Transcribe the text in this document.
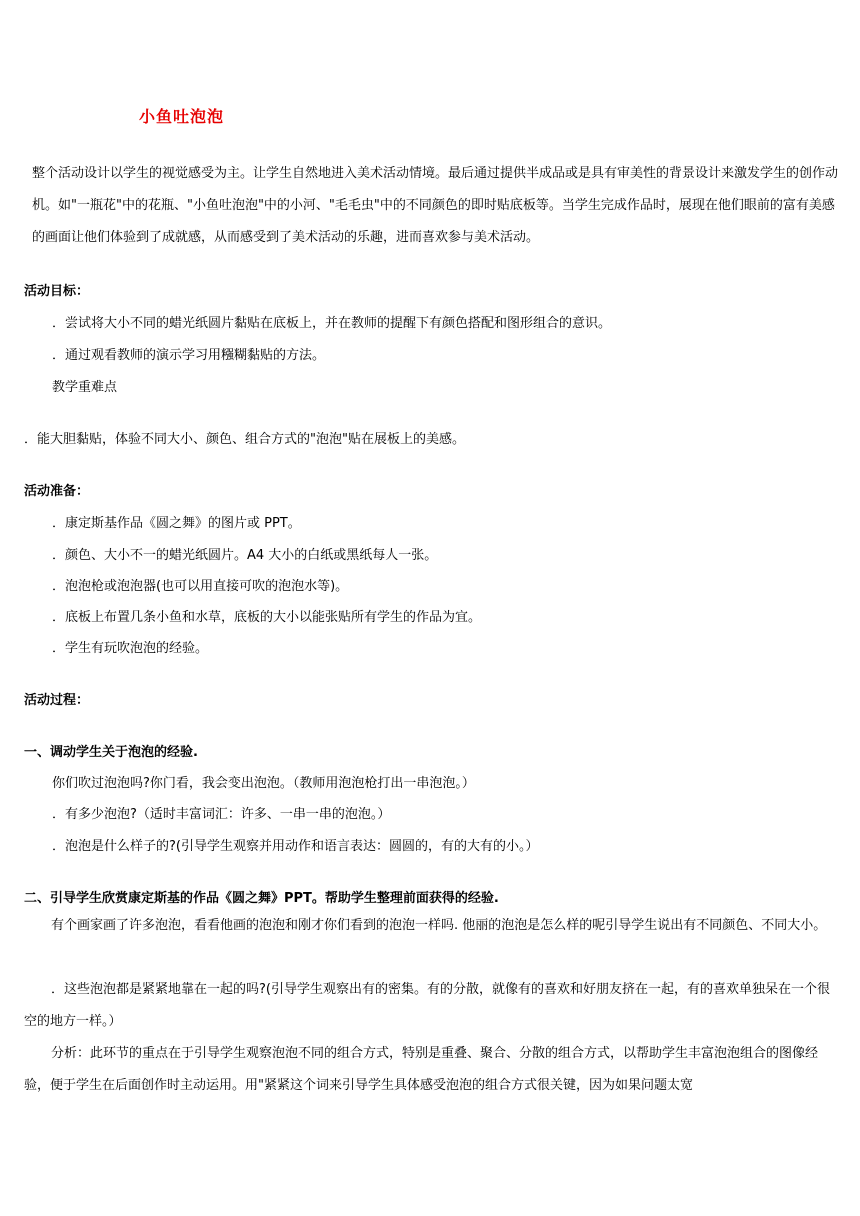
小鱼吐泡泡

整个活动设计以学生的视觉感受为主。让学生自然地进入美术活动情境。最后通过提供半成品或是具有审美性的背景设计来激发学生的创作动机。如"一瓶花"中的花瓶、"小鱼吐泡泡"中的小河、"毛毛虫"中的不同颜色的即时贴底板等。当学生完成作品时，展现在他们眼前的富有美感的画面让他们体验到了成就感，从而感受到了美术活动的乐趣，进而喜欢参与美术活动。

活动目标：
．尝试将大小不同的蜡光纸圆片黏贴在底板上，并在教师的提醒下有颜色搭配和图形组合的意识。
．通过观看教师的演示学习用糨糊黏贴的方法。
教学重难点
．能大胆黏贴，体验不同大小、颜色、组合方式的"泡泡"贴在展板上的美感。
活动准备：
．康定斯基作品《圆之舞》的图片或 PPT。
．颜色、大小不一的蜡光纸圆片。A4 大小的白纸或黑纸每人一张。
．泡泡枪或泡泡器(也可以用直接可吹的泡泡水等)。
．底板上布置几条小鱼和水草，底板的大小以能张贴所有学生的作品为宜。
．学生有玩吹泡泡的经验。
活动过程：
一、调动学生关于泡泡的经验.
你们吹过泡泡吗?你门看，我会变出泡泡。（教师用泡泡枪打出一串泡泡。）
．有多少泡泡?（适时丰富词汇：许多、一串一串的泡泡。）
．泡泡是什么样子的?(引导学生观察并用动作和语言表达：圆圆的，有的大有的小。）
二、引导学生欣赏康定斯基的作品《圆之舞》PPT。帮助学生整理前面获得的经验.

有个画家画了许多泡泡，看看他画的泡泡和刚才你们看到的泡泡一样吗. 他丽的泡泡是怎么样的呢引导学生说出有不同颜色、不同大小。

．这些泡泡都是紧紧地靠在一起的吗?(引导学生观察出有的密集。有的分散，就像有的喜欢和好朋友挤在一起，有的喜欢单独呆在一个很空的地方一样。）

分析：此环节的重点在于引导学生观察泡泡不同的组合方式，特别是重叠、聚合、分散的组合方式，以帮助学生丰富泡泡组合的图像经验，便于学生在后面创作时主动运用。用"紧紧这个词来引导学生具体感受泡泡的组合方式很关键，因为如果问题太宽
